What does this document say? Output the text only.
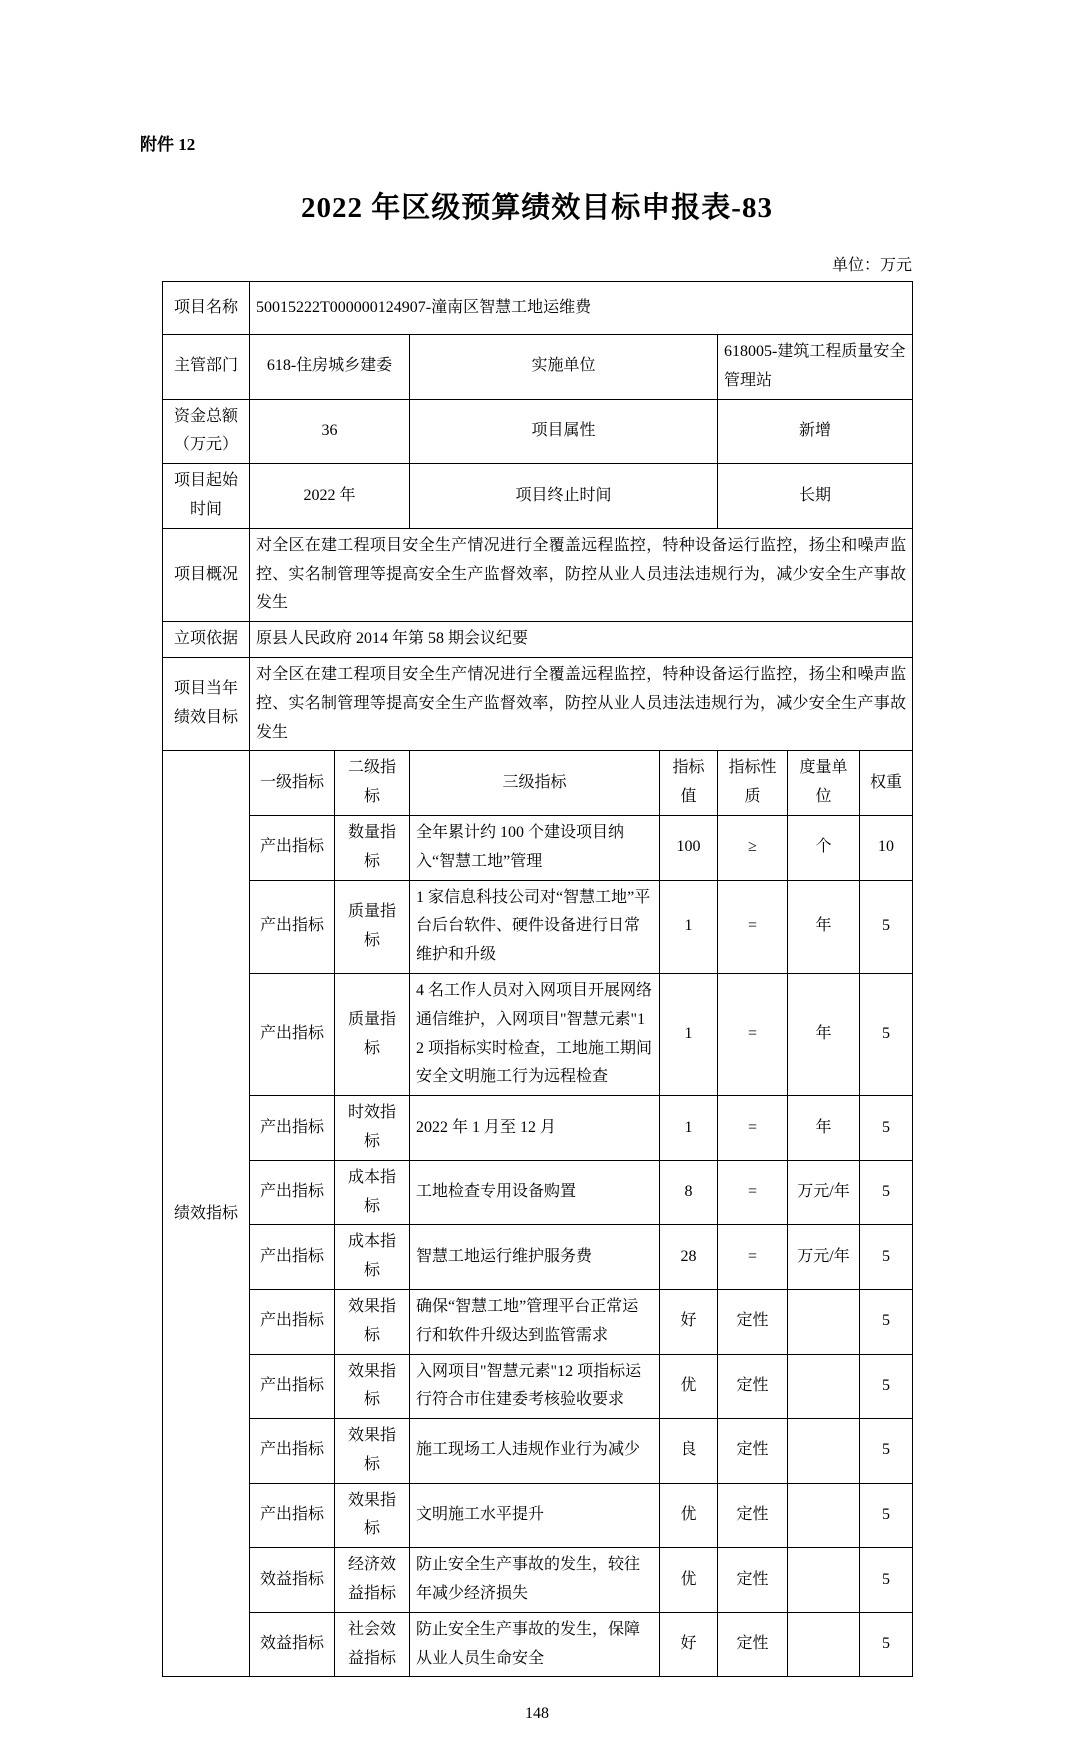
附件 12
2022 年区级预算绩效目标申报表-83
单位：万元
项目名称	50015222T000000124907-潼南区智慧工地运维费						
主管部门	618-住房城乡建委		实施单位		618005-建筑工程质量安全管理站		
资金总额（万元）	36		项目属性		新增		
项目起始时间	2022 年		项目终止时间		长期		
项目概况	对全区在建工程项目安全生产情况进行全覆盖远程监控，特种设备运行监控，扬尘和噪声监控、实名制管理等提高安全生产监督效率，防控从业人员违法违规行为，减少安全生产事故发生						
立项依据	原县人民政府 2014 年第 58 期会议纪要						
项目当年绩效目标	对全区在建工程项目安全生产情况进行全覆盖远程监控，特种设备运行监控，扬尘和噪声监控、实名制管理等提高安全生产监督效率，防控从业人员违法违规行为，减少安全生产事故发生						
绩效指标	一级指标	二级指标	三级指标	指标值	指标性质	度量单位	权重
	产出指标	数量指标	全年累计约 100 个建设项目纳入“智慧工地”管理	100	≥	个	10
	产出指标	质量指标	1 家信息科技公司对“智慧工地”平台后台软件、硬件设备进行日常维护和升级	1	=	年	5
	产出指标	质量指标	4 名工作人员对入网项目开展网络通信维护，入网项目"智慧元素"12 项指标实时检查，工地施工期间安全文明施工行为远程检查	1	=	年	5
	产出指标	时效指标	2022 年 1 月至 12 月	1	=	年	5
	产出指标	成本指标	工地检查专用设备购置	8	=	万元/年	5
	产出指标	成本指标	智慧工地运行维护服务费	28	=	万元/年	5
	产出指标	效果指标	确保“智慧工地”管理平台正常运行和软件升级达到监管需求	好	定性		5
	产出指标	效果指标	入网项目"智慧元素"12 项指标运行符合市住建委考核验收要求	优	定性		5
	产出指标	效果指标	施工现场工人违规作业行为减少	良	定性		5
	产出指标	效果指标	文明施工水平提升	优	定性		5
	效益指标	经济效益指标	防止安全生产事故的发生，较往年减少经济损失	优	定性		5
	效益指标	社会效益指标	防止安全生产事故的发生，保障从业人员生命安全	好	定性		5
148
